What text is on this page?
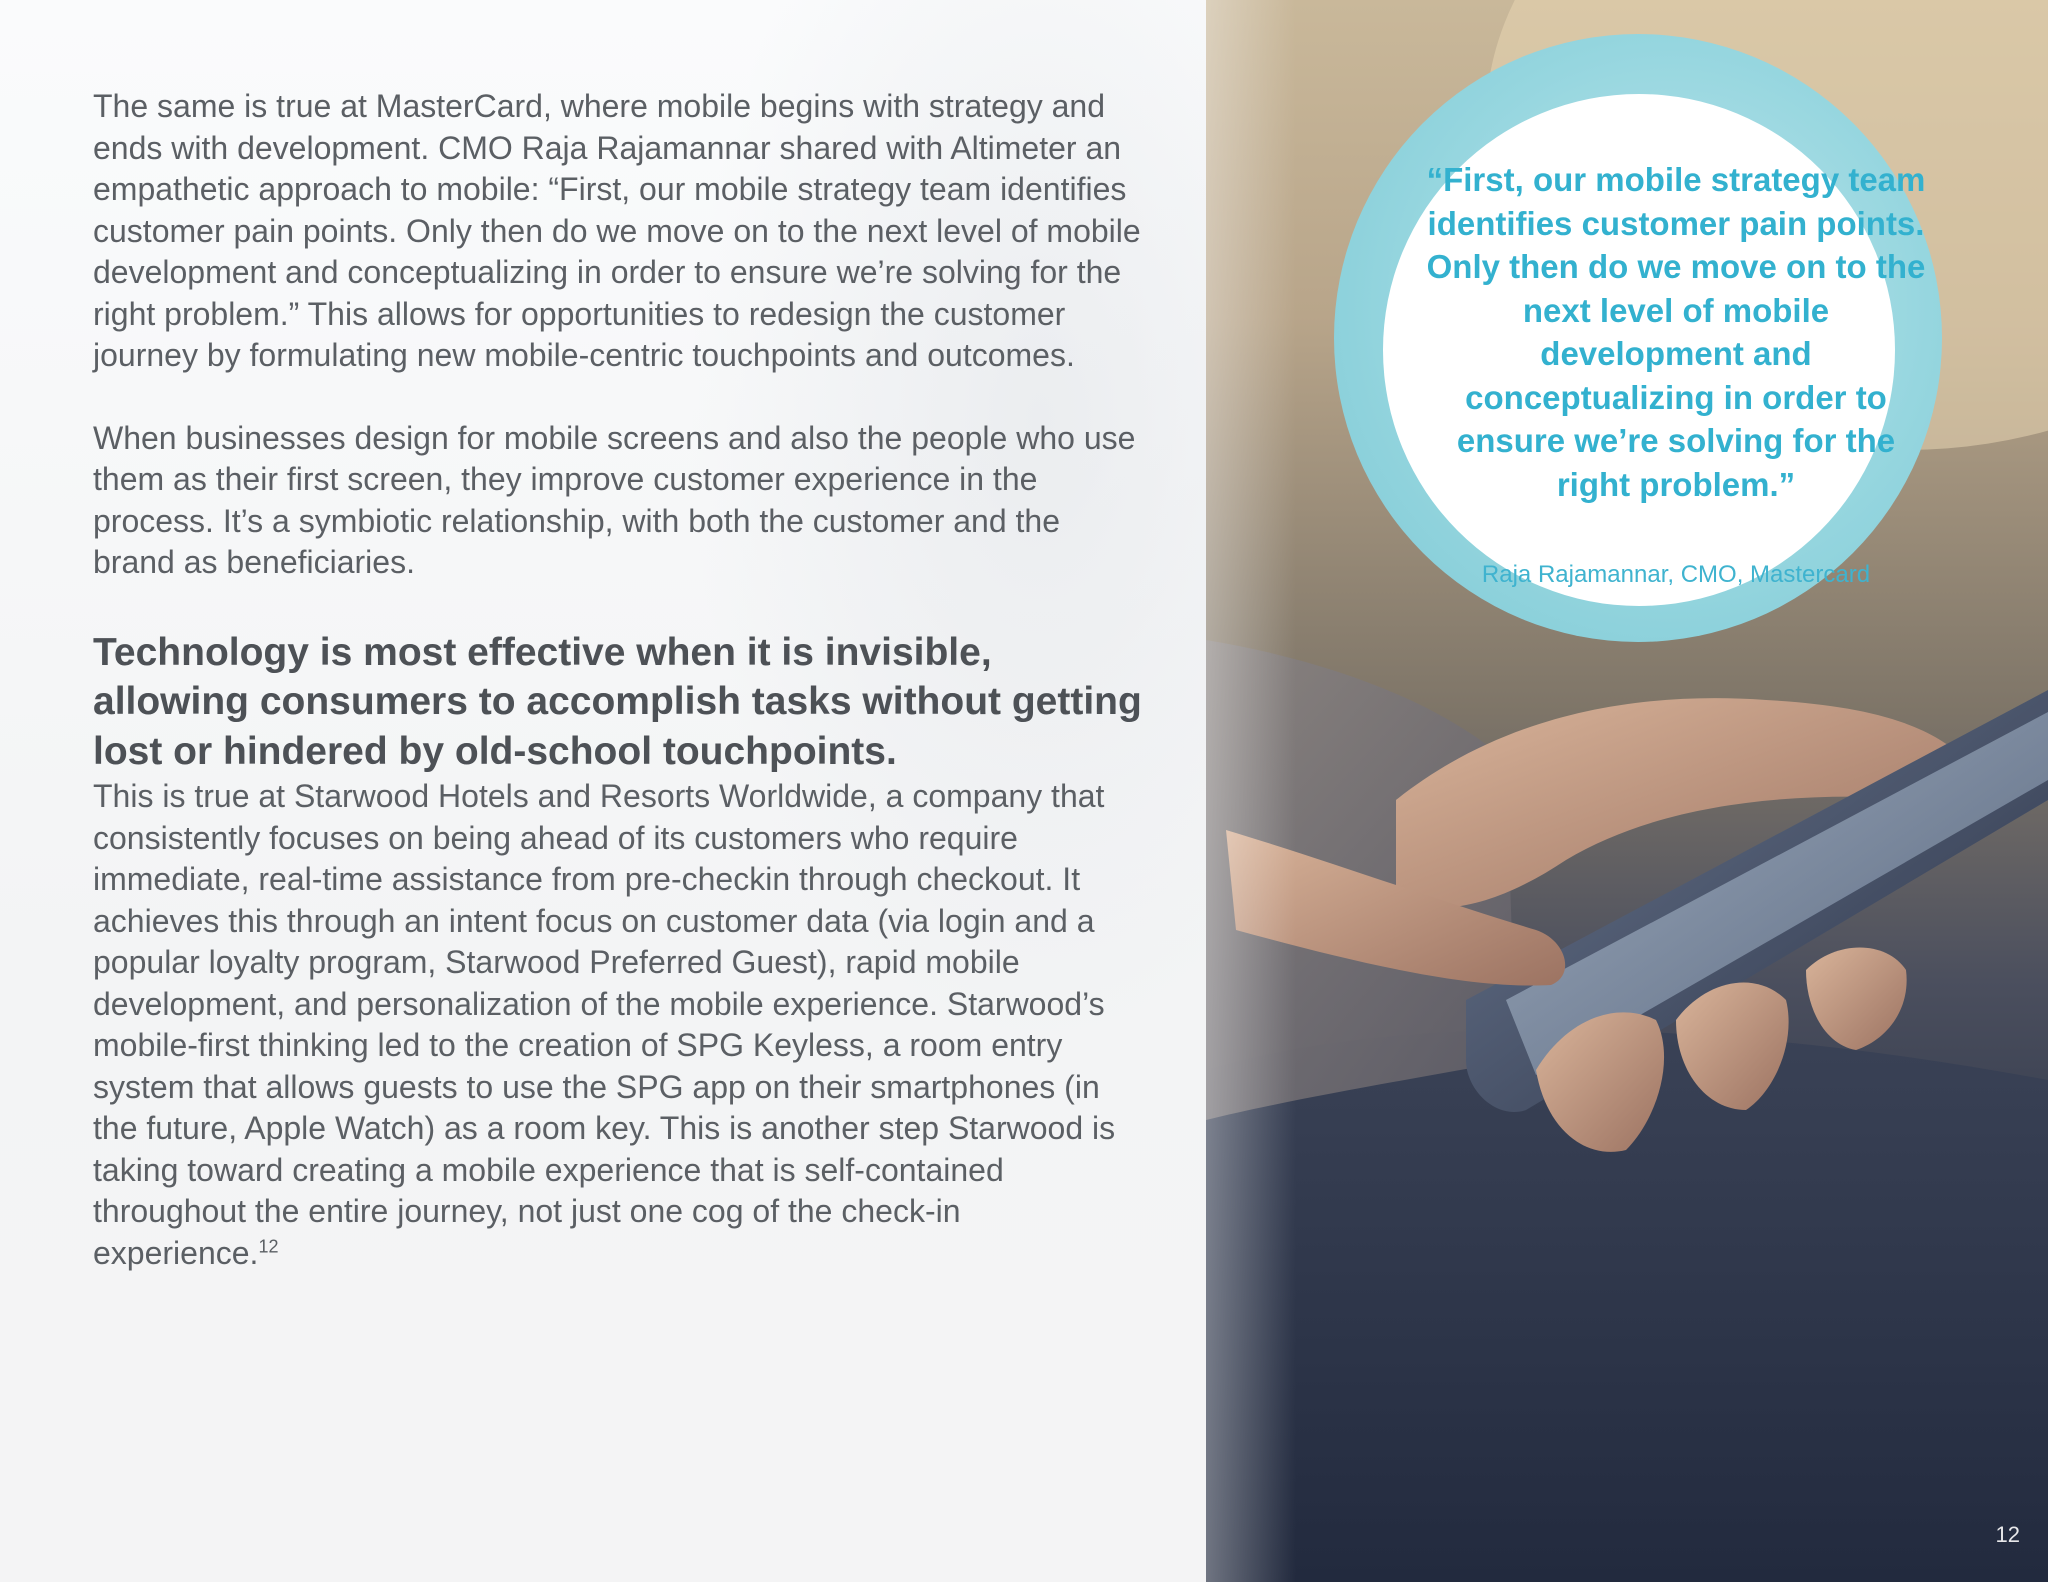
The same is true at MasterCard, where mobile begins with strategy and ends with development. CMO Raja Rajamannar shared with Altimeter an empathetic approach to mobile: “First, our mobile strategy team identifies customer pain points. Only then do we move on to the next level of mobile development and conceptualizing in order to ensure we’re solving for the right problem.” This allows for opportunities to redesign the customer journey by formulating new mobile-centric touchpoints and outcomes.

When businesses design for mobile screens and also the people who use them as their first screen, they improve customer experience in the process. It’s a symbiotic relationship, with both the customer and the brand as beneficiaries.

Technology is most effective when it is invisible, allowing consumers to accomplish tasks without getting lost or hindered by old-school touchpoints.

This is true at Starwood Hotels and Resorts Worldwide, a company that consistently focuses on being ahead of its customers who require immediate, real-time assistance from pre-checkin through checkout. It achieves this through an intent focus on customer data (via login and a popular loyalty program, Starwood Preferred Guest), rapid mobile development, and personalization of the mobile experience. Starwood’s mobile-first thinking led to the creation of SPG Keyless, a room entry system that allows guests to use the SPG app on their smartphones (in the future, Apple Watch) as a room key. This is another step Starwood is taking toward creating a mobile experience that is self-contained throughout the entire journey, not just one cog of the check-in experience.$^{12}$

“First, our mobile strategy team identifies customer pain points. Only then do we move on to the next level of mobile development and conceptualizing in order to ensure we’re solving for the right problem.”

Raja Rajamannar, CMO, Mastercard

12
